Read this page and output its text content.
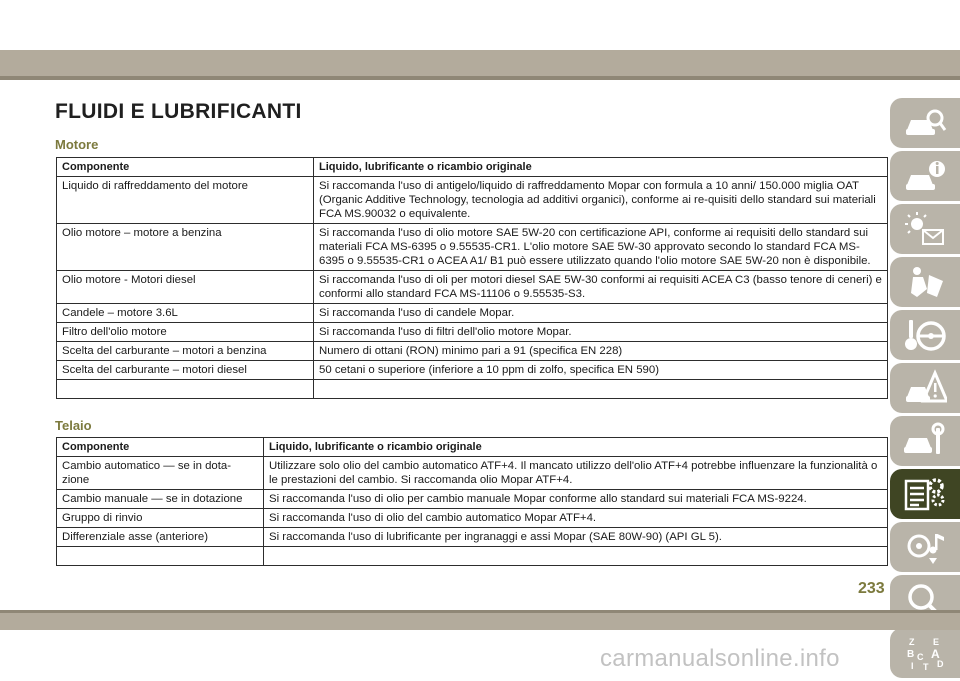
FLUIDI E LUBRIFICANTI
Motore
Componente	Liquido, lubrificante o ricambio originale
Liquido di raffreddamento del motore	Si raccomanda l'uso di antigelo/liquido di raffreddamento Mopar con formula a 10 anni/ 150.000 miglia OAT (Organic Additive Technology, tecnologia ad additivi organici), conforme ai re-quisiti dello standard sui materiali FCA MS.90032 o equivalente.
Olio motore – motore a benzina	Si raccomanda l'uso di olio motore SAE 5W-20 con certificazione API, conforme ai requisiti dello standard sui materiali FCA MS-6395 o 9.55535-CR1. L'olio motore SAE 5W-30 approvato secondo lo standard FCA MS-6395 o 9.55535-CR1 o ACEA A1/ B1 può essere utilizzato quando l'olio motore SAE 5W-20 non è disponibile.
Olio motore - Motori diesel	Si raccomanda l'uso di oli per motori diesel SAE 5W-30 conformi ai requisiti ACEA C3 (basso tenore di ceneri) e conformi allo standard FCA MS-11106 o 9.55535-S3.
Candele – motore 3.6L	Si raccomanda l'uso di candele Mopar.
Filtro dell'olio motore	Si raccomanda l'uso di filtri dell'olio motore Mopar.
Scelta del carburante – motori a benzina	Numero di ottani (RON) minimo pari a 91 (specifica EN 228)
Scelta del carburante – motori diesel	50 cetani o superiore (inferiore a 10 ppm di zolfo, specifica EN 590)

Telaio
Componente	Liquido, lubrificante o ricambio originale
Cambio automatico — se in dota-zione	Utilizzare solo olio del cambio automatico ATF+4. Il mancato utilizzo dell'olio ATF+4 potrebbe influenzare la funzionalità o le prestazioni del cambio. Si raccomanda olio Mopar ATF+4.
Cambio manuale — se in dotazione	Si raccomanda l'uso di olio per cambio manuale Mopar conforme allo standard sui materiali FCA MS-9224.
Gruppo di rinvio	Si raccomanda l'uso di olio del cambio automatico Mopar ATF+4.
Differenziale asse (anteriore)	Si raccomanda l'uso di lubrificante per ingranaggi e assi Mopar (SAE 80W-90) (API GL 5).

Z E
B A
C
D
I T
233
carmanualsonline.info
